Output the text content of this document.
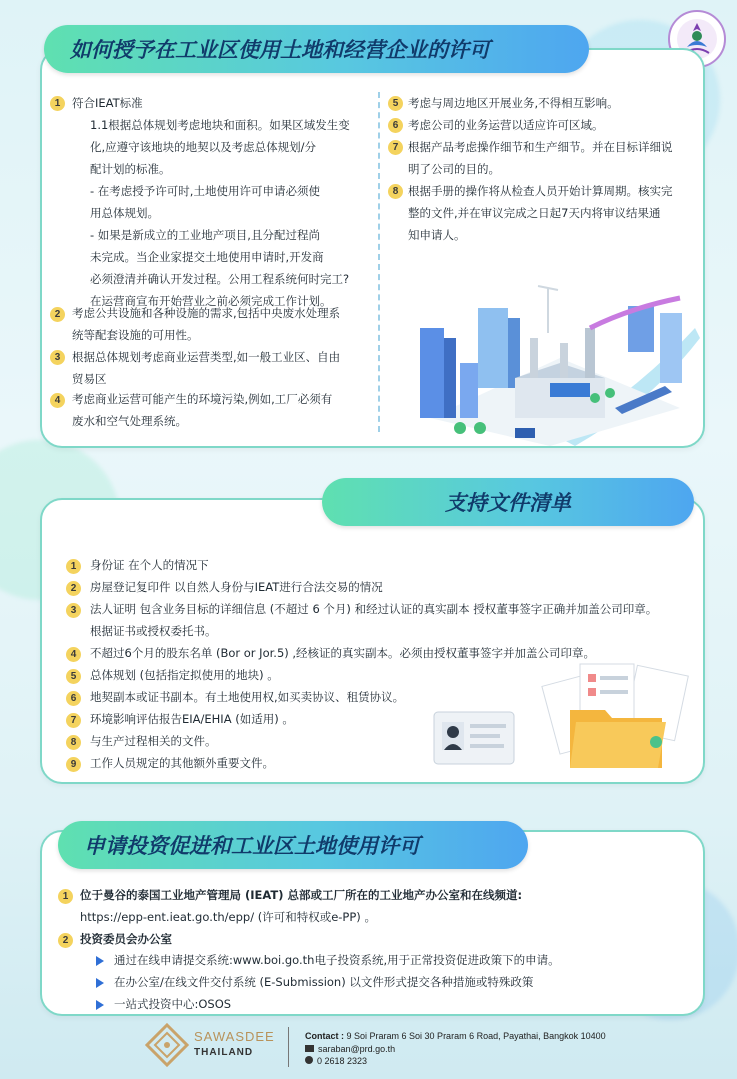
如何授予在工业区使用土地和经营企业的许可
1 符合IEAT标准
1.1根据总体规划考虑地块和面积。如果区域发生变
化,应遵守该地块的地契以及考虑总体规划/分
配计划的标准。
- 在考虑授予许可时,土地使用许可申请必须使
用总体规划。
- 如果是新成立的工业地产项目,且分配过程尚
未完成。当企业家提交土地使用申请时,开发商
必须澄清并确认开发过程。公用工程系统何时完工?
在运营商宣布开始营业之前必须完成工作计划。
2 考虑公共设施和各种设施的需求,包括中央废水处理系
统等配套设施的可用性。
3 根据总体规划考虑商业运营类型,如一般工业区、自由
贸易区
4 考虑商业运营可能产生的环境污染,例如,工厂必须有
废水和空气处理系统。
5 考虑与周边地区开展业务,不得相互影响。
6 考虑公司的业务运营以适应许可区域。
7 根据产品考虑操作细节和生产细节。并在目标详细说
明了公司的目的。
8 根据手册的操作将从检查人员开始计算周期。核实完
整的文件,并在审议完成之日起7天内将审议结果通
知申请人。
支持文件清单
1 身份证 在个人的情况下
2 房屋登记复印件 以自然人身份与IEAT进行合法交易的情况
3 法人证明 包含业务目标的详细信息 (不超过 6 个月) 和经过认证的真实副本 授权董事签字正确并加盖公司印章。
根据证书或授权委托书。
4 不超过6个月的股东名单 (Bor or Jor.5) ,经核证的真实副本。必须由授权董事签字并加盖公司印章。
5 总体规划 (包括指定拟使用的地块) 。
6 地契副本或证书副本。有土地使用权,如买卖协议、租赁协议。
7 环境影响评估报告EIA/EHIA (如适用) 。
8 与生产过程相关的文件。
9 工作人员规定的其他额外重要文件。
申请投资促进和工业区土地使用许可
1 位于曼谷的泰国工业地产管理局 (IEAT) 总部或工厂所在的工业地产办公室和在线频道:
https://epp-ent.ieat.go.th/epp/ (许可和特权或e-PP) 。
2 投资委员会办公室
通过在线申请提交系统:www.boi.go.th电子投资系统,用于正常投资促进政策下的申请。
在办公室/在线文件交付系统 (E-Submission) 以文件形式提交各种措施或特殊政策
一站式投资中心:OSOS
SAWASDEE
THAILAND
Contact : 9 Soi Praram 6 Soi 30 Praram 6 Road, Payathai, Bangkok 10400
saraban@prd.go.th
0 2618 2323
